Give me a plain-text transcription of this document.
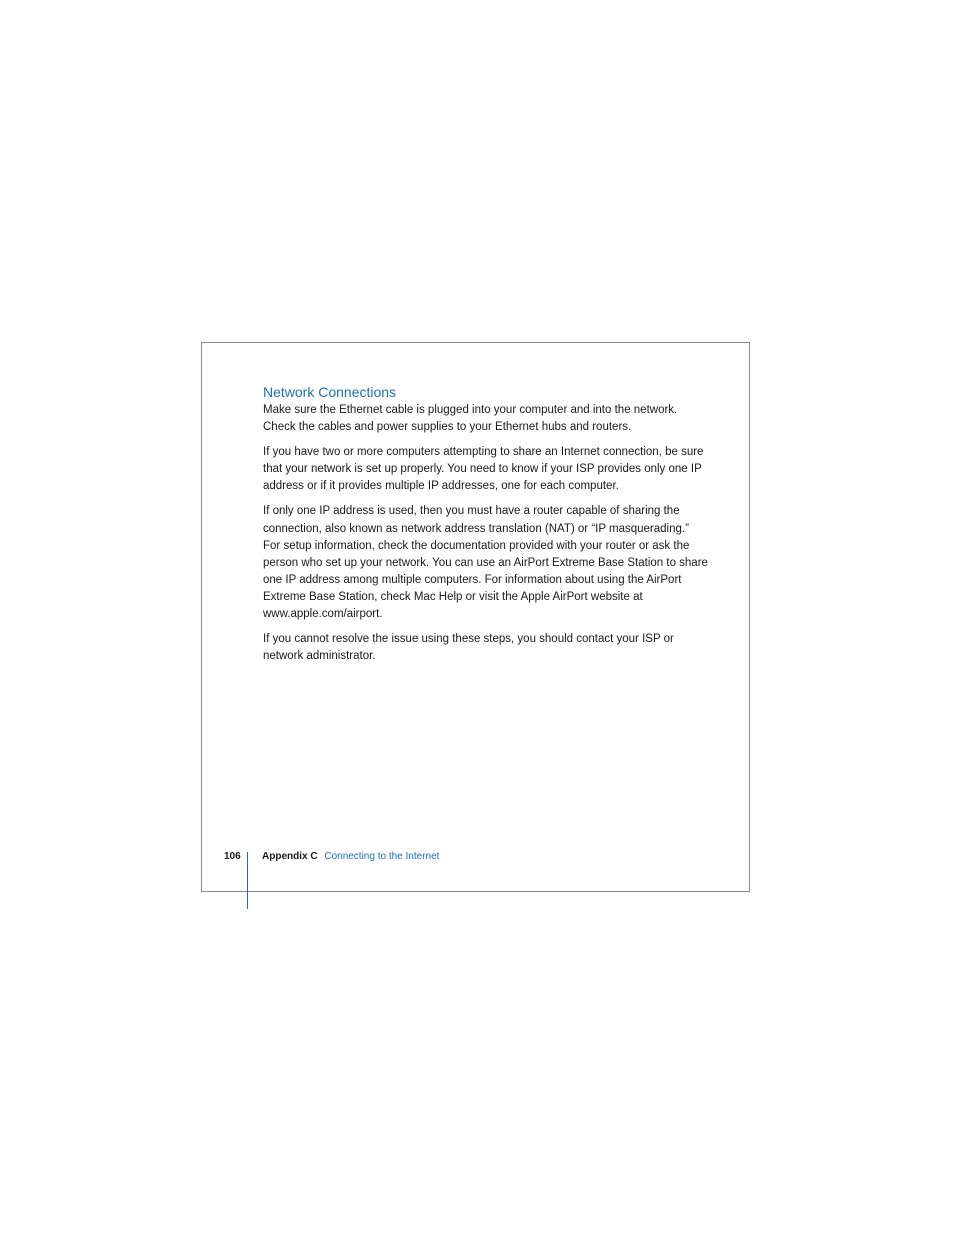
Network Connections

Make sure the Ethernet cable is plugged into your computer and into the network. Check the cables and power supplies to your Ethernet hubs and routers.

If you have two or more computers attempting to share an Internet connection, be sure that your network is set up properly. You need to know if your ISP provides only one IP address or if it provides multiple IP addresses, one for each computer.

If only one IP address is used, then you must have a router capable of sharing the connection, also known as network address translation (NAT) or “IP masquerading.” For setup information, check the documentation provided with your router or ask the person who set up your network. You can use an AirPort Extreme Base Station to share one IP address among multiple computers. For information about using the AirPort Extreme Base Station, check Mac Help or visit the Apple AirPort website at www.apple.com/airport.

If you cannot resolve the issue using these steps, you should contact your ISP or network administrator.

106 Appendix C Connecting to the Internet
